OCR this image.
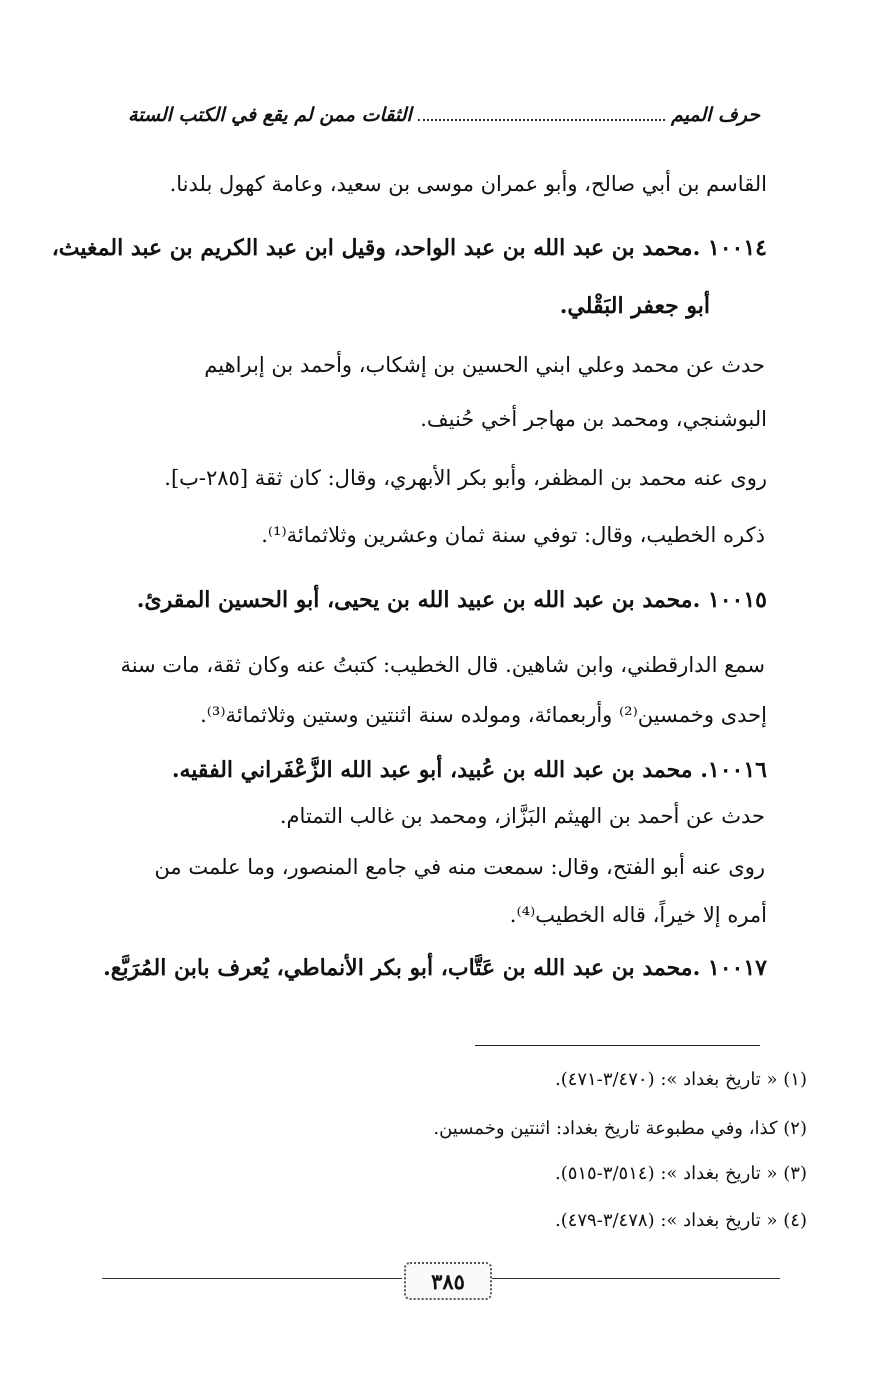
حرف الميم
الثقات ممن لم يقع في الكتب الستة
القاسم بن أبي صالح، وأبو عمران موسى بن سعيد، وعامة كهول بلدنا.
١٠٠١٤ .محمد بن عبد الله بن عبد الواحد، وقيل ابن عبد الكريم بن عبد المغيث،
أبو جعفر البَقْلي.
حدث عن محمد وعلي ابني الحسين بن إشكاب، وأحمد بن إبراهيم
البوشنجي، ومحمد بن مهاجر أخي حُنيف.
روى عنه محمد بن المظفر، وأبو بكر الأبهري، وقال: كان ثقة [٢٨٥-ب].
ذكره الخطيب، وقال: توفي سنة ثمان وعشرين وثلاثمائة⁽¹⁾.
١٠٠١٥ .محمد بن عبد الله بن عبيد الله بن يحيى، أبو الحسين المقرئ.
سمع الدارقطني، وابن شاهين. قال الخطيب: كتبتُ عنه وكان ثقة، مات سنة
إحدى وخمسين⁽²⁾ وأربعمائة، ومولده سنة اثنتين وستين وثلاثمائة⁽³⁾.
١٠٠١٦. محمد بن عبد الله بن عُبيد، أبو عبد الله الزَّعْفَراني الفقيه.
حدث عن أحمد بن الهيثم البَزَّاز، ومحمد بن غالب التمتام.
روى عنه أبو الفتح، وقال: سمعت منه في جامع المنصور، وما علمت من
أمره إلا خيراً، قاله الخطيب⁽⁴⁾.
١٠٠١٧ .محمد بن عبد الله بن عَتَّاب، أبو بكر الأنماطي، يُعرف بابن المُرَبَّع.
(١) « تاريخ بغداد »: (٣/٤٧٠-٤٧١).
(٢) كذا، وفي مطبوعة تاريخ بغداد: اثنتين وخمسين.
(٣) « تاريخ بغداد »: (٣/٥١٤-٥١٥).
(٤) « تاريخ بغداد »: (٣/٤٧٨-٤٧٩).
٣٨٥
